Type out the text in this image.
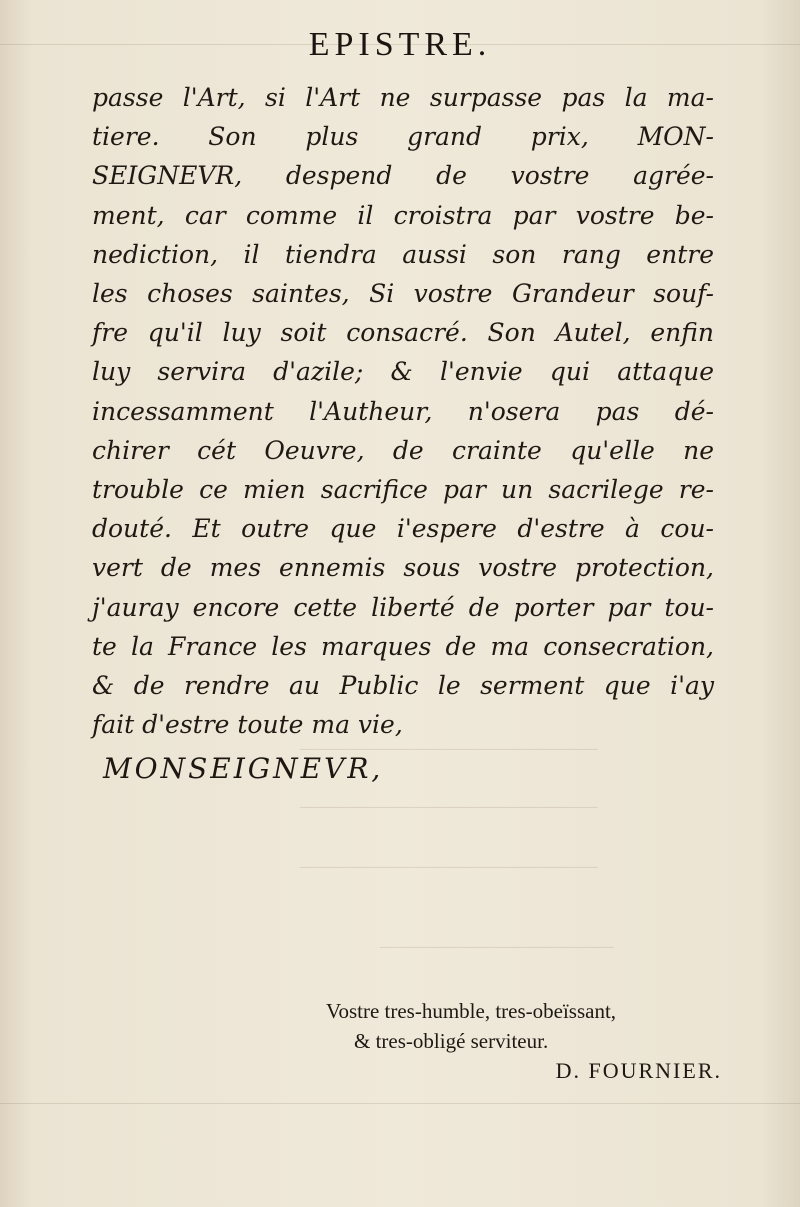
────────────────────────────
────────────────────────────
────────────────────────────
──────────────────────
EPISTRE.
passe l'Art, si l'Art ne surpasse pas la ma-
tiere. Son plus grand prix, MON-
SEIGNEVR, despend de vostre agrée-
ment, car comme il croistra par vostre be-
nediction, il tiendra aussi son rang entre
les choses saintes, Si vostre Grandeur souf-
fre qu'il luy soit consacré. Son Autel, enfin
luy servira d'azile; & l'envie qui attaque
incessamment l'Autheur, n'osera pas dé-
chirer cét Oeuvre, de crainte qu'elle ne
trouble ce mien sacrifice par un sacrilege re-
douté. Et outre que i'espere d'estre à cou-
vert de mes ennemis sous vostre protection,
j'auray encore cette liberté de porter par tou-
te la France les marques de ma consecration,
& de rendre au Public le serment que i'ay
fait d'estre toute ma vie,
MONSEIGNEVR,
Vostre tres-humble, tres-obeïssant,
& tres-obligé serviteur.
D. FOURNIER.
